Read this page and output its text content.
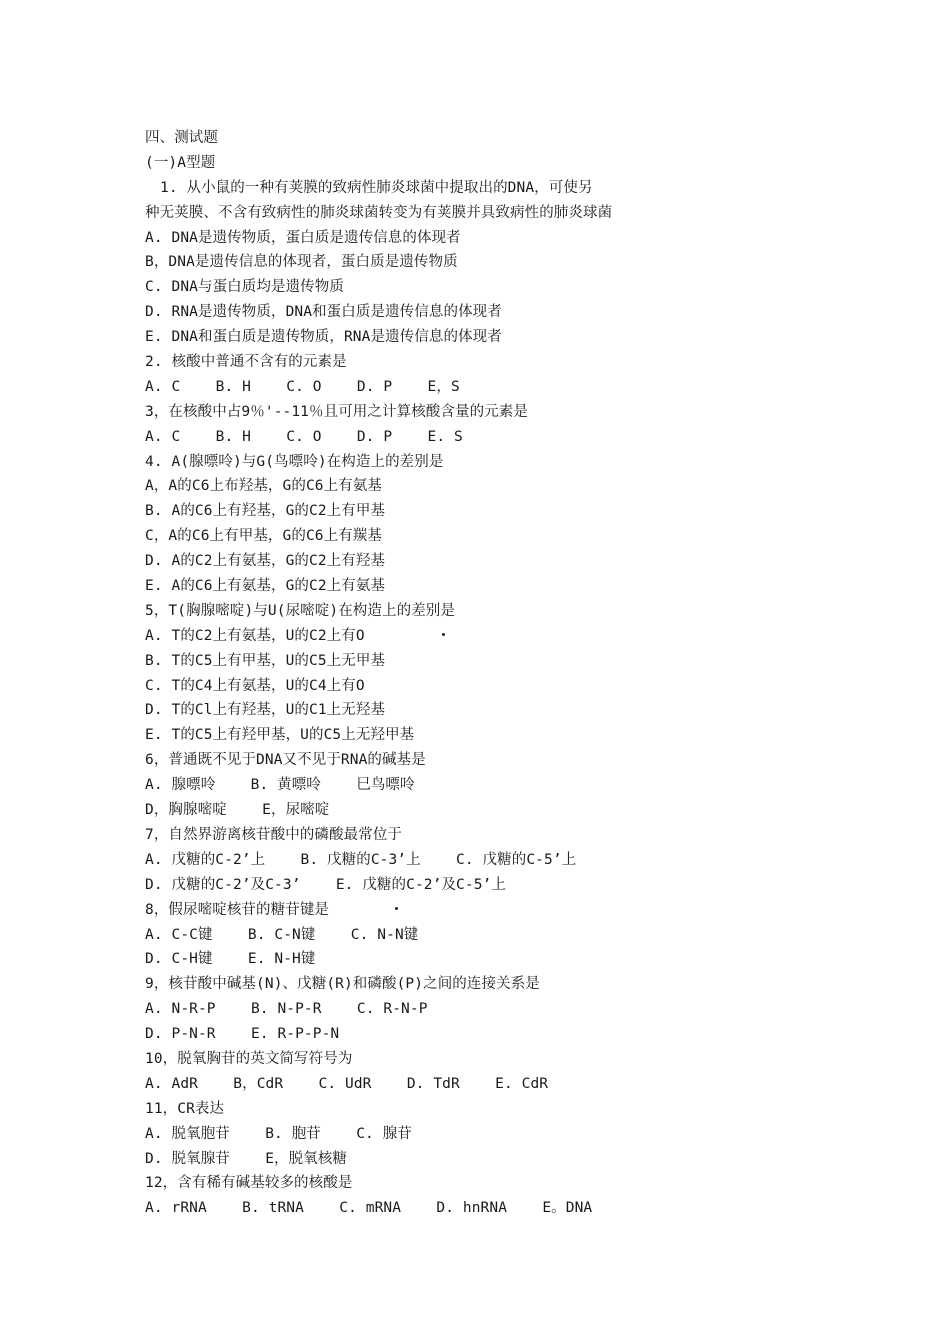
四、测试题
(一)A型题
1. 从小鼠的一种有荚膜的致病性肺炎球菌中提取出的DNA，可使另
种无荚膜、不含有致病性的肺炎球菌转变为有荚膜并具致病性的肺炎球菌
A. DNA是遗传物质，蛋白质是遗传信息的体现者
B，DNA是遗传信息的体现者，蛋白质是遗传物质
C. DNA与蛋白质均是遗传物质
D. RNA是遗传物质，DNA和蛋白质是遗传信息的体现者
E. DNA和蛋白质是遗传物质，RNA是遗传信息的体现者
2. 核酸中普通不含有的元素是
A. C    B. H    C. O    D. P    E，S
3，在核酸中占9％'--11％且可用之计算核酸含量的元素是
A. C    B. H    C. O    D. P    E. S
4. A(腺嘌呤)与G(鸟嘌呤)在构造上的差别是
A，A的C6上布羟基，G的C6上有氨基
B. A的C6上有羟基，G的C2上有甲基
C，A的C6上有甲基，G的C6上有羰基
D. A的C2上有氨基，G的C2上有羟基
E. A的C6上有氨基，G的C2上有氨基
5，T(胸腺嘧啶)与U(尿嘧啶)在构造上的差别是
A. T的C2上有氨基，U的C2上有O
B. T的C5上有甲基，U的C5上无甲基
C. T的C4上有氨基，U的C4上有O
D. T的Cl上有羟基，U的C1上无羟基
E. T的C5上有羟甲基，U的C5上无羟甲基
6，普通既不见于DNA又不见于RNA的碱基是
A. 腺嘌呤    B. 黄嘌呤    巳鸟嘌呤
D，胸腺嘧啶    E，尿嘧啶
7，自然界游离核苷酸中的磷酸最常位于
A. 戊糖的C-2’上    B. 戊糖的C-3’上    C. 戊糖的C-5’上
D. 戊糖的C-2’及C-3’    E. 戊糖的C-2’及C-5’上
8，假尿嘧啶核苷的糖苷键是
A. C-C键    B. C-N键    C. N-N键
D. C-H键    E. N-H键
9，核苷酸中碱基(N)、戊糖(R)和磷酸(P)之间的连接关系是
A. N-R-P    B. N-P-R    C. R-N-P
D. P-N-R    E. R-P-P-N
10，脱氧胸苷的英文简写符号为
A. AdR    B，CdR    C. UdR    D. TdR    E. CdR
11，CR表达
A. 脱氧胞苷    B. 胞苷    C. 腺苷
D. 脱氧腺苷    E，脱氧核糖
12，含有稀有碱基较多的核酸是
A. rRNA    B. tRNA    C. mRNA    D. hnRNA    E。DNA
